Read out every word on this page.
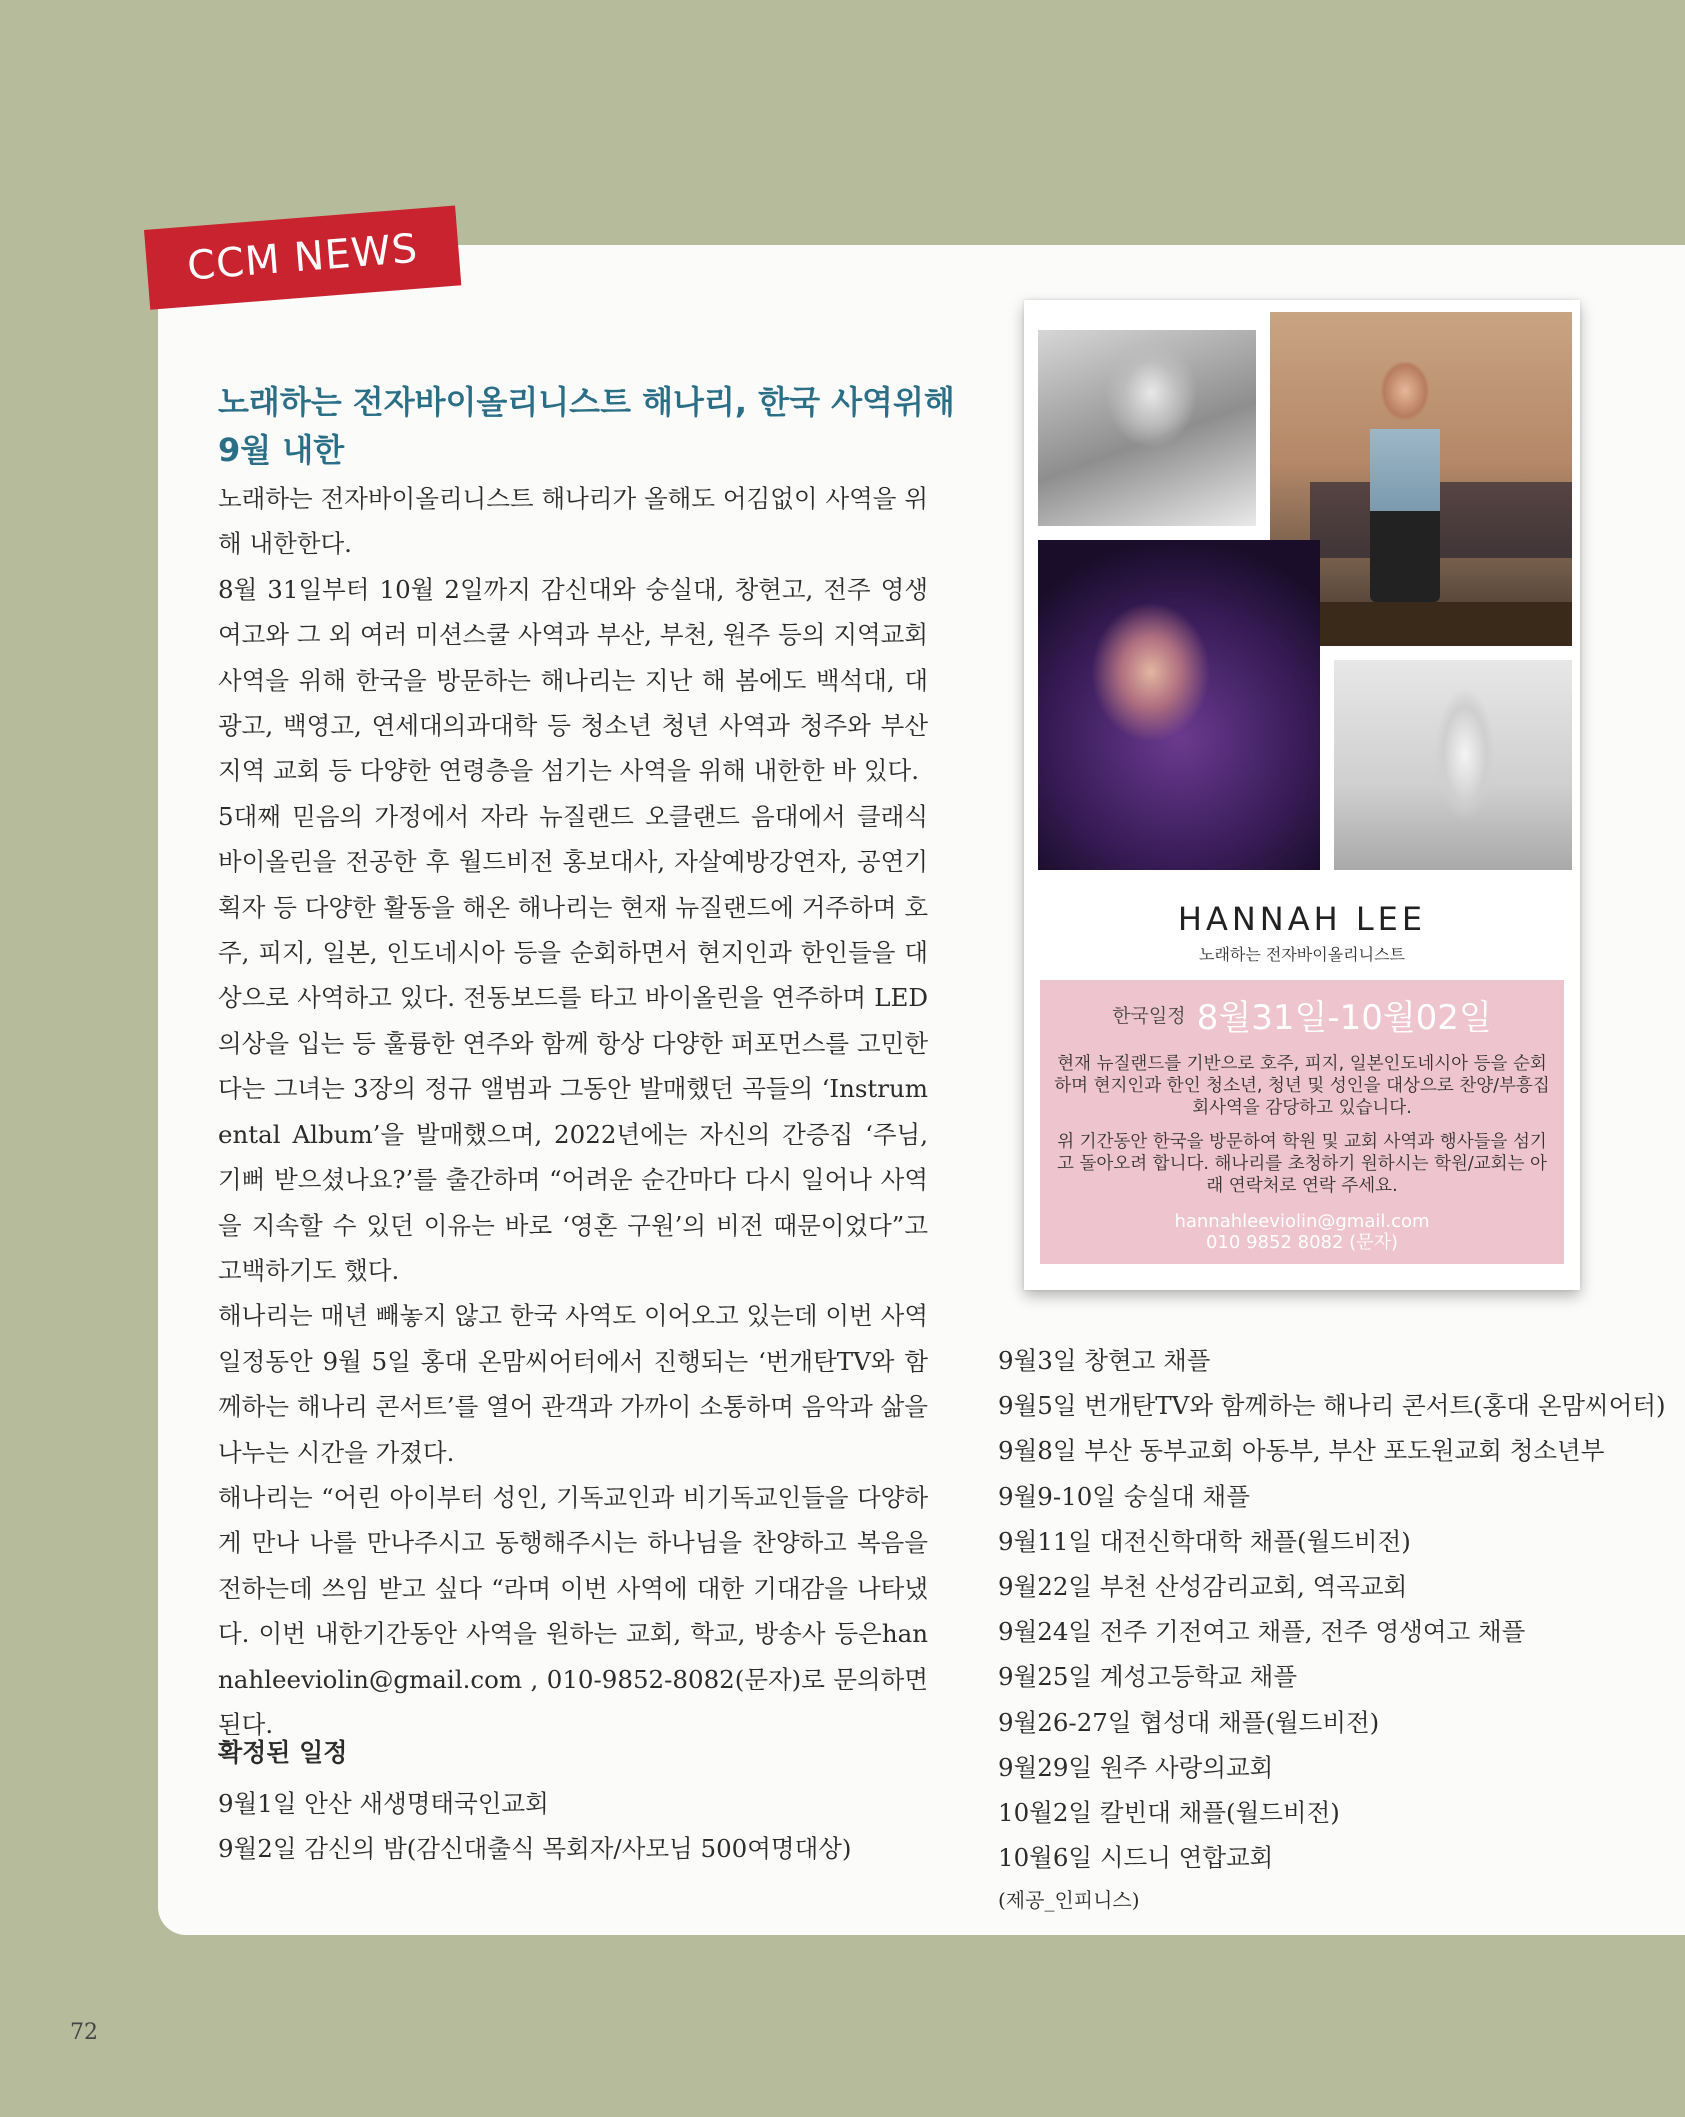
CCM NEWS
노래하는 전자바이올리니스트 해나리, 한국 사역위해 9월 내한

노래하는 전자바이올리니스트 해나리가 올해도 어김없이 사역을 위해 내한한다.

8월 31일부터 10월 2일까지 감신대와 숭실대, 창현고, 전주 영생여고와 그 외 여러 미션스쿨 사역과 부산, 부천, 원주 등의 지역교회 사역을 위해 한국을 방문하는 해나리는 지난 해 봄에도 백석대, 대광고, 백영고, 연세대의과대학 등 청소년 청년 사역과 청주와 부산 지역 교회 등 다양한 연령층을 섬기는 사역을 위해 내한한 바 있다.

5대째 믿음의 가정에서 자라 뉴질랜드 오클랜드 음대에서 클래식 바이올린을 전공한 후 월드비전 홍보대사, 자살예방강연자, 공연기획자 등 다양한 활동을 해온 해나리는 현재 뉴질랜드에 거주하며 호주, 피지, 일본, 인도네시아 등을 순회하면서 현지인과 한인들을 대상으로 사역하고 있다. 전동보드를 타고 바이올린을 연주하며 LED 의상을 입는 등 훌륭한 연주와 함께 항상 다양한 퍼포먼스를 고민한다는 그녀는 3장의 정규 앨범과 그동안 발매했던 곡들의 ‘Instrumental Album’을 발매했으며, 2022년에는 자신의 간증집 ‘주님, 기뻐 받으셨나요?’를 출간하며 “어려운 순간마다 다시 일어나 사역을 지속할 수 있던 이유는 바로 ‘영혼 구원’의 비전 때문이었다”고 고백하기도 했다.

해나리는 매년 빼놓지 않고 한국 사역도 이어오고 있는데 이번 사역일정동안 9월 5일 홍대 온맘씨어터에서 진행되는 ‘번개탄TV와 함께하는 해나리 콘서트’를 열어 관객과 가까이 소통하며 음악과 삶을 나누는 시간을 가졌다.

해나리는 “어린 아이부터 성인, 기독교인과 비기독교인들을 다양하게 만나 나를 만나주시고 동행해주시는 하나님을 찬양하고 복음을 전하는데 쓰임 받고 싶다 “라며 이번 사역에 대한 기대감을 나타냈다. 이번 내한기간동안 사역을 원하는 교회, 학교, 방송사 등은hannahleeviolin@gmail.com , 010-9852-8082(문자)로 문의하면 된다.

확정된 일정
9월1일 안산 새생명태국인교회
9월2일 감신의 밤(감신대출식 목회자/사모님 500여명대상)
HANNAH LEE
노래하는 전자바이올리니스트
한국일정 8월31일-10월02일
현재 뉴질랜드를 기반으로 호주, 피지, 일본인도네시아 등을 순회하며 현지인과 한인 청소년, 청년 및 성인을 대상으로 찬양/부흥집회사역을 감당하고 있습니다.
위 기간동안 한국을 방문하여 학원 및 교회 사역과 행사들을 섬기고 돌아오려 합니다. 해나리를 초청하기 원하시는 학원/교회는 아래 연락처로 연락 주세요.
hannahleeviolin@gmail.com
010 9852 8082 (문자)
9월3일 창현고 채플
9월5일 번개탄TV와 함께하는 해나리 콘서트(홍대 온맘씨어터)
9월8일 부산 동부교회 아동부, 부산 포도원교회 청소년부
9월9-10일 숭실대 채플
9월11일 대전신학대학 채플(월드비전)
9월22일 부천 산성감리교회, 역곡교회
9월24일 전주 기전여고 채플, 전주 영생여고 채플
9월25일 계성고등학교 채플
9월26-27일 협성대 채플(월드비전)
9월29일 원주 사랑의교회
10월2일 칼빈대 채플(월드비전)
10월6일 시드니 연합교회
(제공_인피니스)
72
